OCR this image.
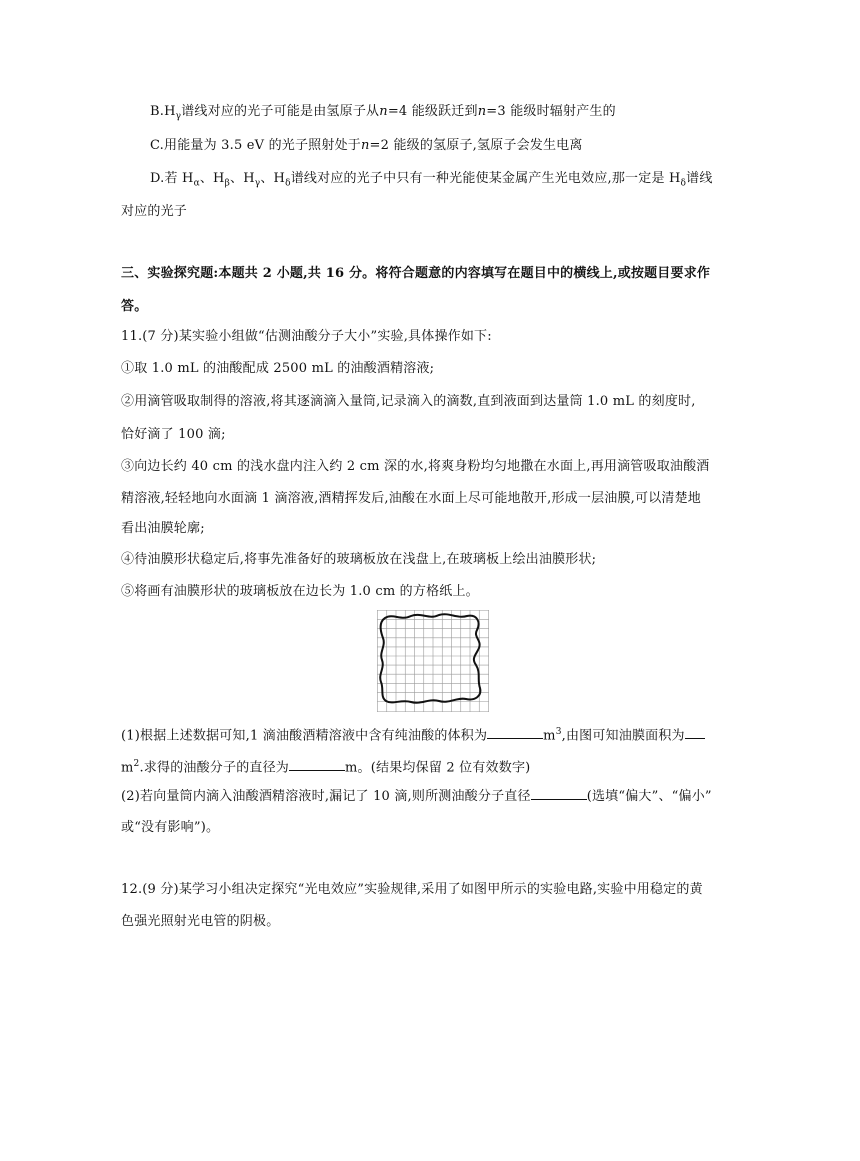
$B.H_\gamma$谱线对应的光子可能是由氢原子从n=4 能级跃迁到n=3 能级时辐射产生的
C.用能量为 3.5 eV 的光子照射处于n=2 能级的氢原子,氢原子会发生电离
D.若 $H_\alpha$、$H_\beta$、$H_\gamma$、$H_\delta$谱线对应的光子中只有一种光能使某金属产生光电效应,那一定是 $H_\delta$谱线
对应的光子
三、实验探究题:本题共 2 小题,共 16 分。将符合题意的内容填写在题目中的横线上,或按题目要求作
答。
11.(7 分)某实验小组做“估测油酸分子大小”实验,具体操作如下:
①取 1.0 mL 的油酸配成 2500 mL 的油酸酒精溶液;
②用滴管吸取制得的溶液,将其逐滴滴入量筒,记录滴入的滴数,直到液面到达量筒 1.0 mL 的刻度时,
恰好滴了 100 滴;
③向边长约 40 cm 的浅水盘内注入约 2 cm 深的水,将爽身粉均匀地撒在水面上,再用滴管吸取油酸酒
精溶液,轻轻地向水面滴 1 滴溶液,酒精挥发后,油酸在水面上尽可能地散开,形成一层油膜,可以清楚地
看出油膜轮廓;
④待油膜形状稳定后,将事先准备好的玻璃板放在浅盘上,在玻璃板上绘出油膜形状;
⑤将画有油膜形状的玻璃板放在边长为 1.0 cm 的方格纸上。
(1)根据上述数据可知,1 滴油酸酒精溶液中含有纯油酸的体积为	$m^3$,由图可知油膜面积为
$m^2$.求得的油酸分子的直径为	m。(结果均保留 2 位有效数字)
(2)若向量筒内滴入油酸酒精溶液时,漏记了 10 滴,则所测油酸分子直径	(选填“偏大”、“偏小”
或“没有影响”)。
12.(9 分)某学习小组决定探究“光电效应”实验规律,采用了如图甲所示的实验电路,实验中用稳定的黄
色强光照射光电管的阴极。
